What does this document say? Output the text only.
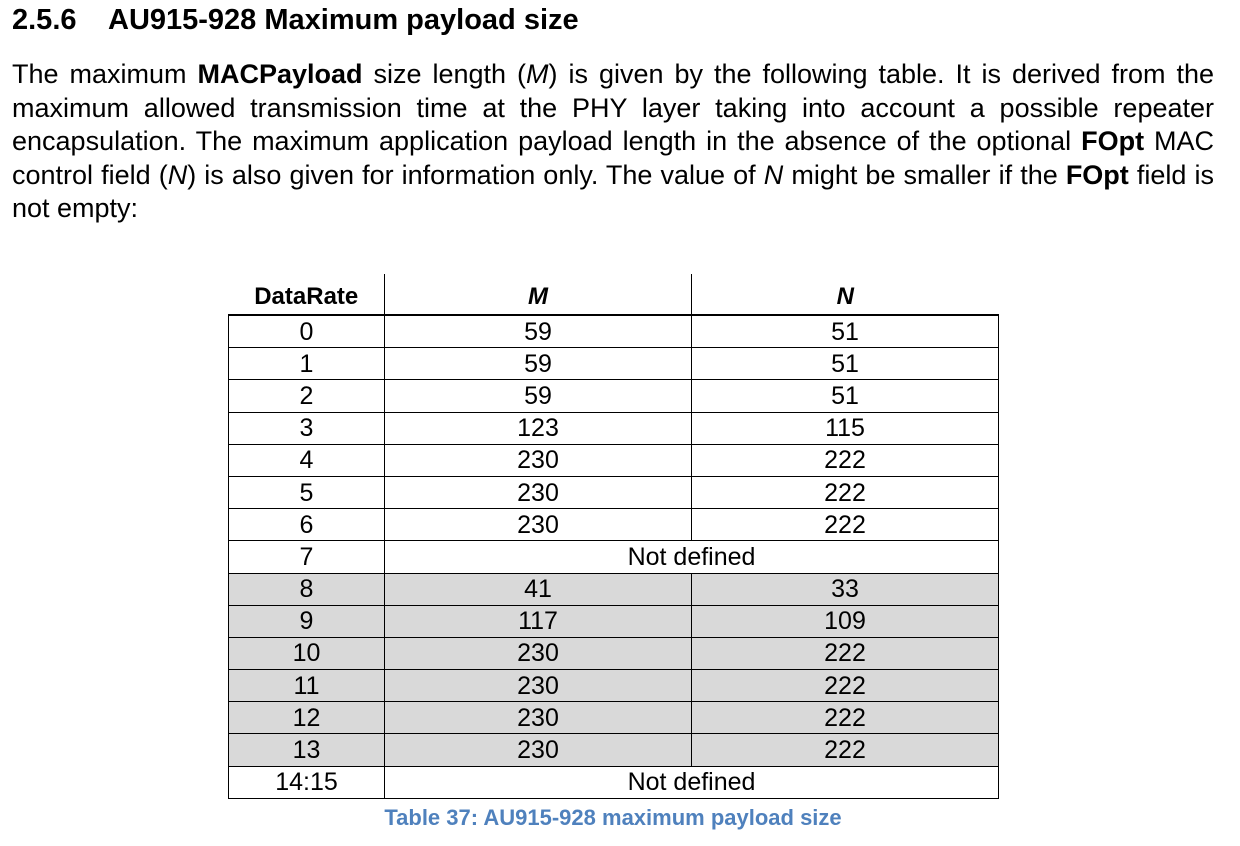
2.5.6 AU915-928 Maximum payload size
The maximum MACPayload size length (M) is given by the following table. It is derived from the maximum allowed transmission time at the PHY layer taking into account a possible repeater encapsulation. The maximum application payload length in the absence of the optional FOpt MAC control field (N) is also given for information only. The value of N might be smaller if the FOpt field is not empty:
DataRate	M	N
0	59	51
1	59	51
2	59	51
3	123	115
4	230	222
5	230	222
6	230	222
7	Not defined	
8	41	33
9	117	109
10	230	222
11	230	222
12	230	222
13	230	222
14:15	Not defined	
Table 37: AU915-928 maximum payload size
